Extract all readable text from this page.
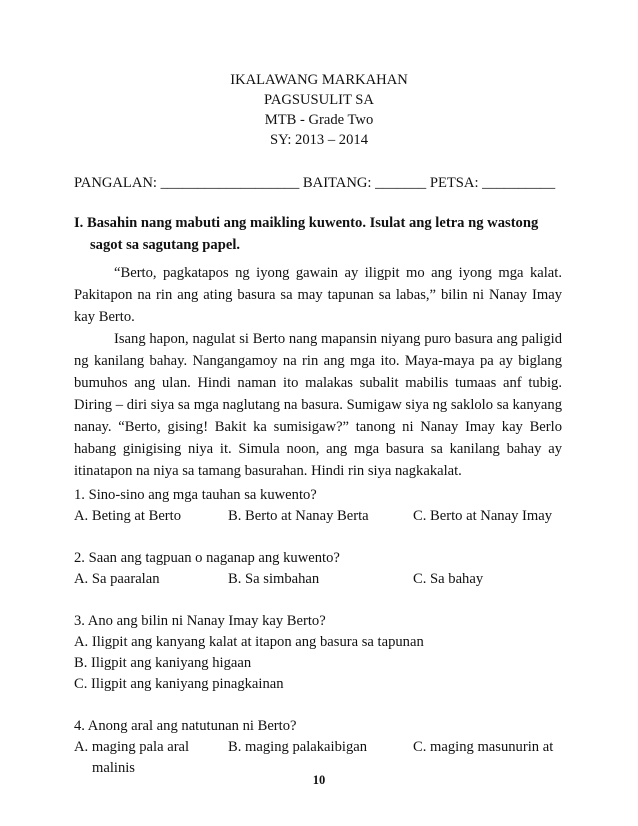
IKALAWANG MARKAHAN
PAGSUSULIT SA
MTB - Grade Two
SY: 2013 – 2014
PANGALAN: ___________________ BAITANG: _______ PETSA: __________
I. Basahin nang mabuti ang maikling kuwento. Isulat ang letra ng wastong
sagot sa sagutang papel.

“Berto, pagkatapos ng iyong gawain ay iligpit mo ang iyong mga kalat. Pakitapon na rin ang ating basura sa may tapunan sa labas,” bilin ni Nanay Imay kay Berto.

Isang hapon, nagulat si Berto nang mapansin niyang puro basura ang paligid ng kanilang bahay. Nangangamoy na rin ang mga ito. Maya-maya pa ay biglang bumuhos ang ulan. Hindi naman ito malakas subalit mabilis tumaas anf tubig. Diring – diri siya sa mga naglutang na basura. Sumigaw siya ng saklolo sa kanyang nanay. “Berto, gising! Bakit ka sumisigaw?” tanong ni Nanay Imay kay Berlo habang ginigising niya it. Simula noon, ang mga basura sa kanilang bahay ay itinatapon na niya sa tamang basurahan. Hindi rin siya nagkakalat.

1. Sino-sino ang mga tauhan sa kuwento?
A. Beting at Berto	B. Berto at Nanay Berta	C. Berto at Nanay Imay
2. Saan ang tagpuan o naganap ang kuwento?
A. Sa paaralan	B. Sa simbahan	C. Sa bahay
3. Ano ang bilin ni Nanay Imay kay Berto?
A. Iligpit ang kanyang kalat at itapon ang basura sa tapunan
B. Iligpit ang kaniyang higaan
C. Iligpit ang kaniyang pinagkainan
4. Anong aral ang natutunan ni Berto?
A. maging pala aral	B. maging palakaibigan	C. maging masunurin at
malinis
10
